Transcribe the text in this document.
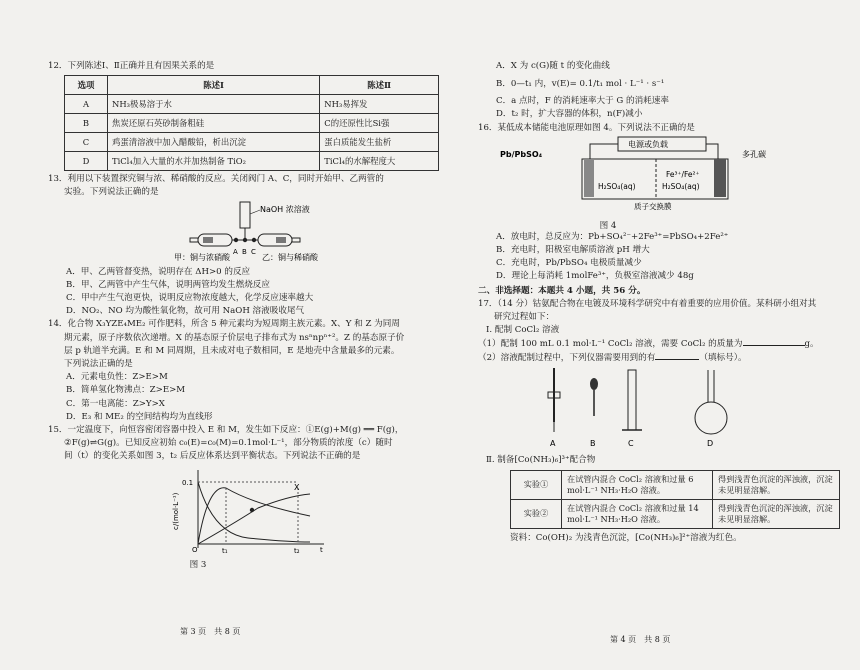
12．下列陈述Ⅰ、Ⅱ正确并且有因果关系的是
选项	陈述Ⅰ	陈述Ⅱ
A	NH₃极易溶于水	NH₃易挥发
B	焦炭还原石英砂制备粗硅	C的还原性比Si强
C	鸡蛋清溶液中加入醋酸铅，析出沉淀	蛋白质能发生盐析
D	TiCl₄加入大量的水并加热制备 TiO₂	TiCl₄的水解程度大
13．利用以下装置探究铜与浓、稀硝酸的反应。关闭阀门 A、C，同时开始甲、乙两管的
实验。下列说法正确的是
NaOH 浓溶液
A B C
甲：铜与浓硝酸	乙：铜与稀硝酸
A．甲、乙两管督变热，说明存在 ΔH>0 的反应
B．甲、乙两管中产生气体，说明两管均发生燃烧反应
C．甲中产生气泡更快，说明反应物浓度越大，化学反应速率越大
D．NO₂、NO 均为酸性氧化物，故可用 NaOH 溶液吸收尾气
14．化合物 X₃YZE₄ME₂ 可作肥料，所含 5 种元素均为短周期主族元素。X、Y 和 Z 为同周
期元素，原子序数依次递增。X 的基态原子价层电子排布式为 nsⁿnpⁿ⁺²。Z 的基态原子价
层 p 轨道半充满。E 和 M 同周期，且未成对电子数相同，E 是地壳中含量最多的元素。
下列说法正确的是
A．元素电负性：Z>E>M
B．简单氢化物沸点：Z>E>M
C．第一电离能：Z>Y>X
D．E₃ 和 ME₂ 的空间结构均为直线形
15．一定温度下，向恒容密闭容器中投入 E 和 M，发生如下反应：①E(g)+M(g) ══ F(g)，
②F(g)⇌G(g)。已知反应初始 c₀(E)=c₀(M)=0.1mol·L⁻¹，部分物质的浓度（c）随时
间（t）的变化关系如图 3，t₂ 后反应体系达到平衡状态。下列说法不正确的是
0.1
c/(mol·L⁻¹)
O	t
t₁	t₂
X
图 3
第 3 页　共 8 页
A．X 为 c(G)随 t 的变化曲线
B．0—t₁ 内，v(E)= 0.1/t₁ mol · L⁻¹ · s⁻¹
C．a 点时，F 的消耗速率大于 G 的消耗速率
D．t₂ 时，扩大容器的体积，n(F)减小
16．某低成本储能电池原理如图 4。下列说法不正确的是
电源或负载
Pb/PbSO₄	多孔碳
H₂SO₄(aq)
Fe³⁺/Fe²⁺
H₂SO₄(aq)
质子交换膜
图 4
A．放电时，总反应为：Pb+SO₄²⁻+2Fe³⁺=PbSO₄+2Fe²⁺
B．充电时，阳极室电解质溶液 pH 增大
C．充电时，Pb/PbSO₄ 电极质量减少
D．理论上每消耗 1molFe³⁺，负极室溶液减少 48g
二、非选择题：本题共 4 小题，共 56 分。
17．（14 分）钴氨配合物在电镀及环境科学研究中有着重要的应用价值。某科研小组对其
研究过程如下：
Ⅰ. 配制 CoCl₂ 溶液
（1）配制 100 mL 0.1 mol·L⁻¹ CoCl₂ 溶液，需要 CoCl₂ 的质量为	g。
（2）溶液配制过程中，下列仪器需要用到的有	（填标号）。
A	B	C	D
Ⅱ. 制备[Co(NH₃)₆]³⁺配合物
实验①	在试管内混合 CoCl₂ 溶液和过量 6 mol·L⁻¹ NH₃·H₂O 溶液。	得到浅青色沉淀的浑浊液，沉淀未见明显溶解。
实验②	在试管内混合 CoCl₂ 溶液和过量 14 mol·L⁻¹ NH₃·H₂O 溶液。	得到浅青色沉淀的浑浊液，沉淀未见明显溶解。
资料：Co(OH)₂ 为浅青色沉淀，[Co(NH₃)₆]²⁺溶液为红色。
第 4 页　共 8 页
